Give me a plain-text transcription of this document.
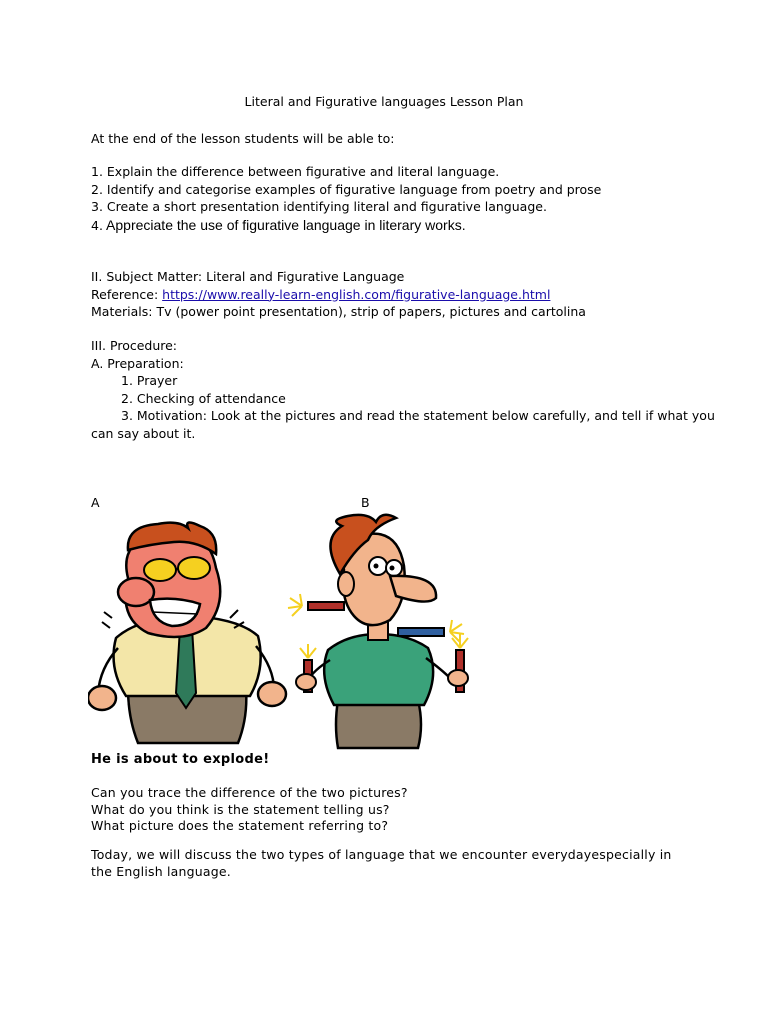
Literal and Figurative languages Lesson Plan
At the end of the lesson students will be able to:
1. Explain the difference between figurative and literal language.
2. Identify and categorise examples of figurative language from poetry and prose
3. Create a short presentation identifying literal and figurative language.
4. Appreciate the use of figurative language in literary works.
II. Subject Matter: Literal and Figurative Language
Reference: https://www.really-learn-english.com/figurative-language.html
Materials: Tv (power point presentation), strip of papers, pictures and cartolina
III. Procedure:
A. Preparation:
1. Prayer
2. Checking of attendance
3. Motivation: Look at the pictures and read the statement below carefully, and tell if what you
can say about it.
A	B
He is about to explode!
Can you trace the difference of the two pictures?
What do you think is the statement telling us?
What picture does the statement referring to?
Today, we will discuss the two types of language that we encounter everydayespecially in the English language.
